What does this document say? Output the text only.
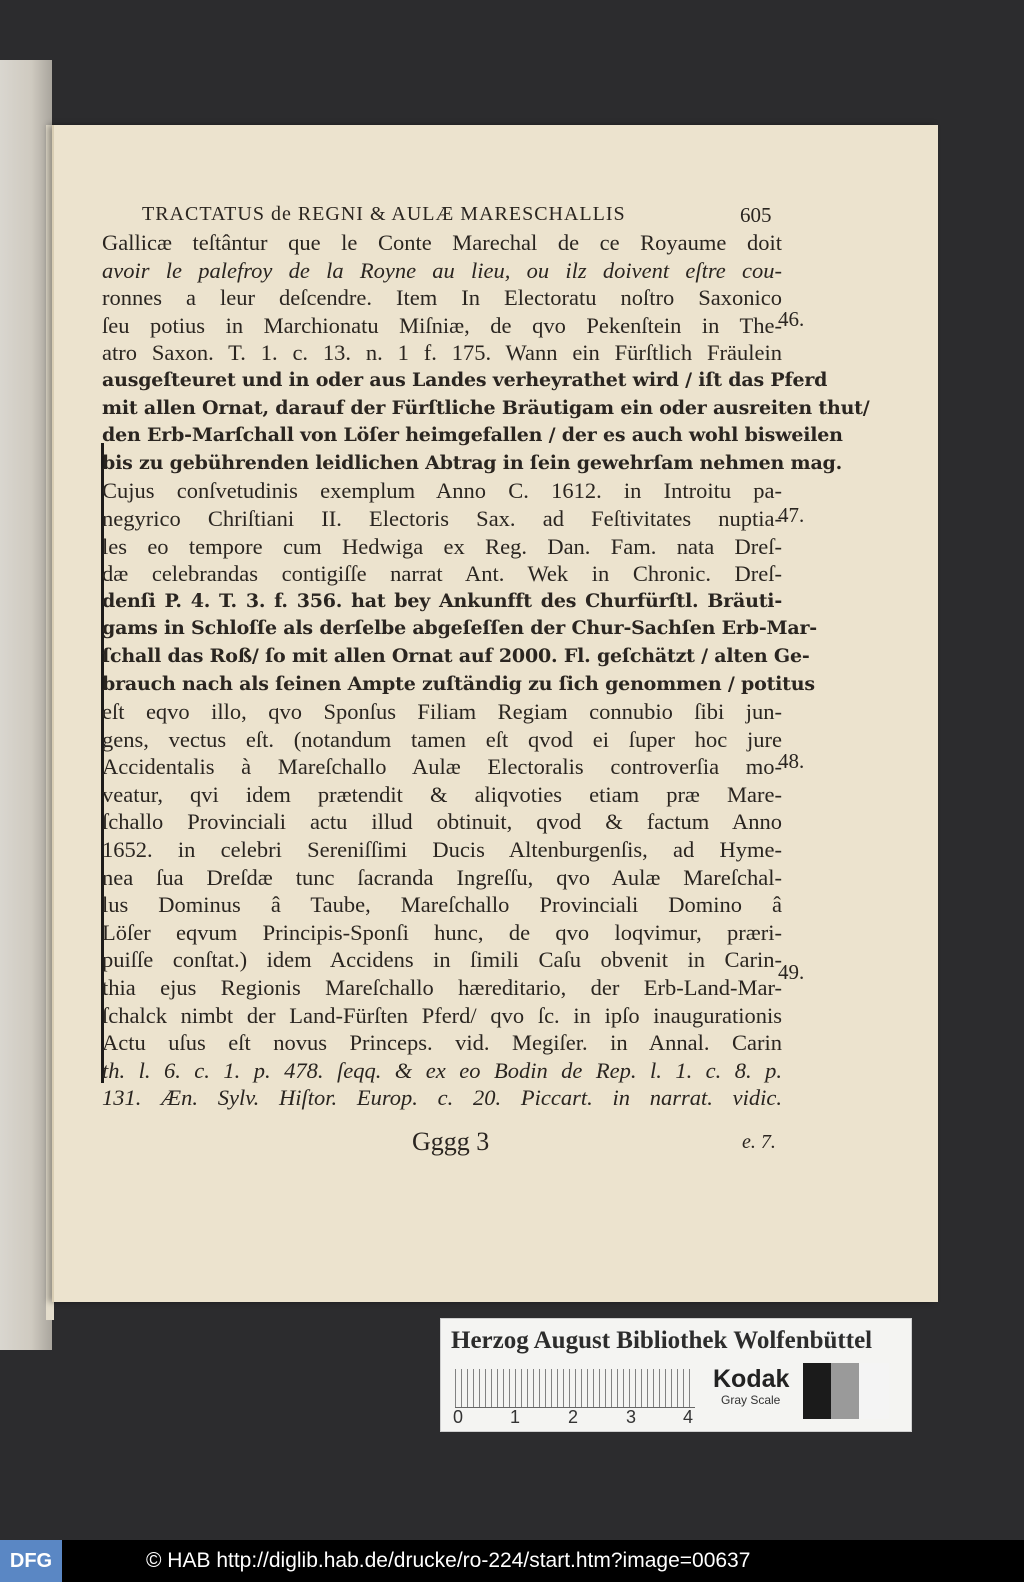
TRACTATUS de REGNI & AULÆ MARESCHALLIS	605
Gallicæ teſtântur que le Conte Marechal de ce Royaume doit
avoir le palefroy de la Royne au lieu, ou ilz doivent eſtre cou-
ronnes a leur deſcendre. Item In Electoratu noſtro Saxonico
ſeu potius in Marchionatu Miſniæ, de qvo Pekenſtein in The-
atro Saxon. T. 1. c. 13. n. 1 f. 175. Wann ein Fürſtlich Fräulein
ausgeſteuret und in oder aus Landes verheyrathet wird / iſt das Pferd
mit allen Ornat, darauf der Fürſtliche Bräutigam ein oder ausreiten thut/
den Erb-Marſchall von Löſer heimgefallen / der es auch wohl bisweilen
bis zu gebührenden leidlichen Abtrag in ſein gewehrſam nehmen mag.
Cujus conſvetudinis exemplum Anno C. 1612. in Introitu pa-
negyrico Chriſtiani II. Electoris Sax. ad Feſtivitates nuptia-
les eo tempore cum Hedwiga ex Reg. Dan. Fam. nata Dreſ-
dæ celebrandas contigiſſe narrat Ant. Wek in Chronic. Dreſ-
denſi P. 4. T. 3. f. 356. hat bey Ankunfft des Churfürſtl. Bräuti-
gams in Schloſſe als derſelbe abgeſeſſen der Chur-Sachſen Erb-Mar-
ſchall das Roß/ ſo mit allen Ornat auf 2000. Fl. geſchätzt / alten Ge-
brauch nach als ſeinen Ampte zuſtändig zu ſich genommen / potitus
eſt eqvo illo, qvo Sponſus Filiam Regiam connubio ſibi jun-
gens, vectus eſt. (notandum tamen eſt qvod ei ſuper hoc jure
Accidentalis à Mareſchallo Aulæ Electoralis controverſia mo-
veatur, qvi idem prætendit & aliqvoties etiam præ Mare-
ſchallo Provinciali actu illud obtinuit, qvod & factum Anno
1652. in celebri Sereniſſimi Ducis Altenburgenſis, ad Hyme-
nea ſua Dreſdæ tunc ſacranda Ingreſſu, qvo Aulæ Mareſchal-
lus Dominus â Taube, Mareſchallo Provinciali Domino â
Löſer eqvum Principis-Sponſi hunc, de qvo loqvimur, præri-
puiſſe conſtat.) idem Accidens in ſimili Caſu obvenit in Carin-
thia ejus Regionis Mareſchallo hæreditario, der Erb-Land-Mar-
ſchalck nimbt der Land-Fürſten Pferd/ qvo ſc. in ipſo inaugurationis
Actu uſus eſt novus Princeps. vid. Megiſer. in Annal. Carin
th. l. 6. c. 1. p. 478. ſeqq. & ex eo Bodin de Rep. l. 1. c. 8. p.
131. Æn. Sylv. Hiſtor. Europ. c. 20. Piccart. in narrat. vidic.
46.
47.
48.
49.
Gggg 3	e. 7.
Herzog August Bibliothek Wolfenbüttel
0	1	2	3	4
Kodak
Gray Scale
DFG	© HAB http://diglib.hab.de/drucke/ro-224/start.htm?image=00637
